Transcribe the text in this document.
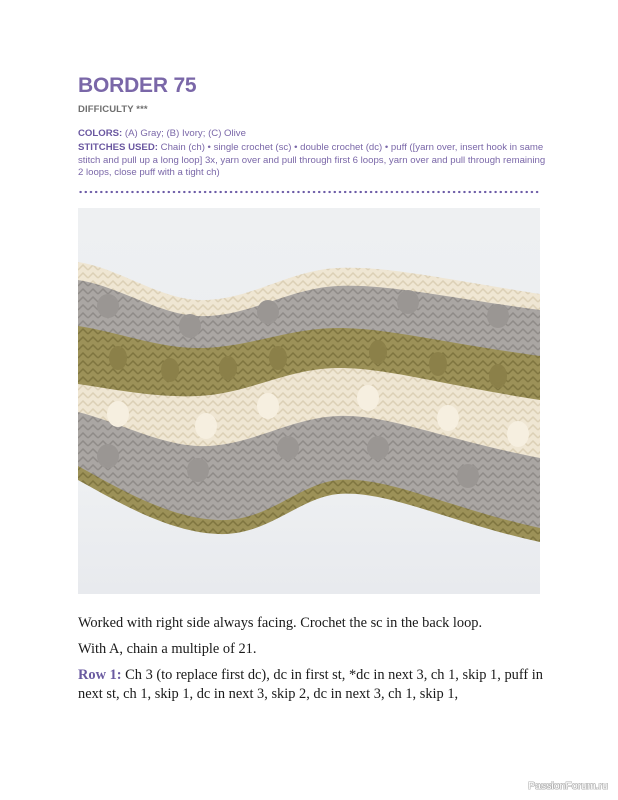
BORDER 75
DIFFICULTY ***

COLORS: (A) Gray; (B) Ivory; (C) Olive

STITCHES USED: Chain (ch) • single crochet (sc) • double crochet (dc) • puff ([yarn over, insert hook in same stitch and pull up a long loop] 3x, yarn over and pull through first 6 loops, yarn over and pull through remaining 2 loops, close puff with a tight ch)

Worked with right side always facing. Crochet the sc in the back loop.

With A, chain a multiple of 21.

Row 1: Ch 3 (to replace first dc), dc in first st, *dc in next 3, ch 1, skip 1, puff in next st, ch 1, skip 1, dc in next 3, skip 2, dc in next 3, ch 1, skip 1,

PassionForum.ru
